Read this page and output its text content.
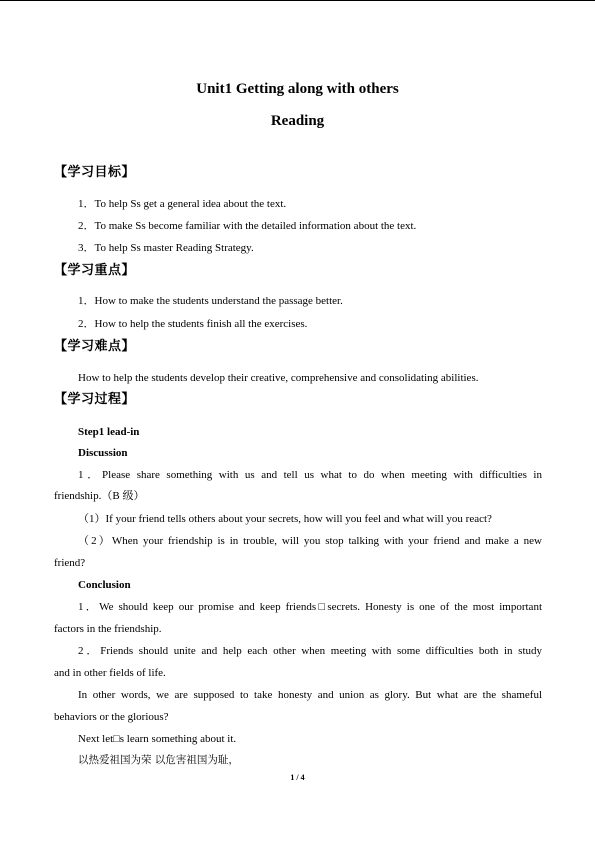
Unit1 Getting along with others
Reading
【学习目标】
1．To help Ss get a general idea about the text.
2．To make Ss become familiar with the detailed information about the text.
3．To help Ss master Reading Strategy.
【学习重点】
1．How to make the students understand the passage better.
2．How to help the students finish all the exercises.
【学习难点】
How to help the students develop their creative, comprehensive and consolidating abilities.
【学习过程】
Step1 lead-in
Discussion
1．Please share something with us and tell us what to do when meeting with difficulties in
friendship.（B 级）
（1）If your friend tells others about your secrets, how will you feel and what will you react?
（2）When your friendship is in trouble, will you stop talking with your friend and make a new
friend?
Conclusion
1．We should keep our promise and keep friends□secrets. Honesty is one of the most important
factors in the friendship.
2．Friends should unite and help each other when meeting with some difficulties both in study
and in other fields of life.
In other words, we are supposed to take honesty and union as glory. But what are the shameful
behaviors or the glorious?
Next let□s learn something about it.
以热爱祖国为荣 以危害祖国为耻，
1 / 4
